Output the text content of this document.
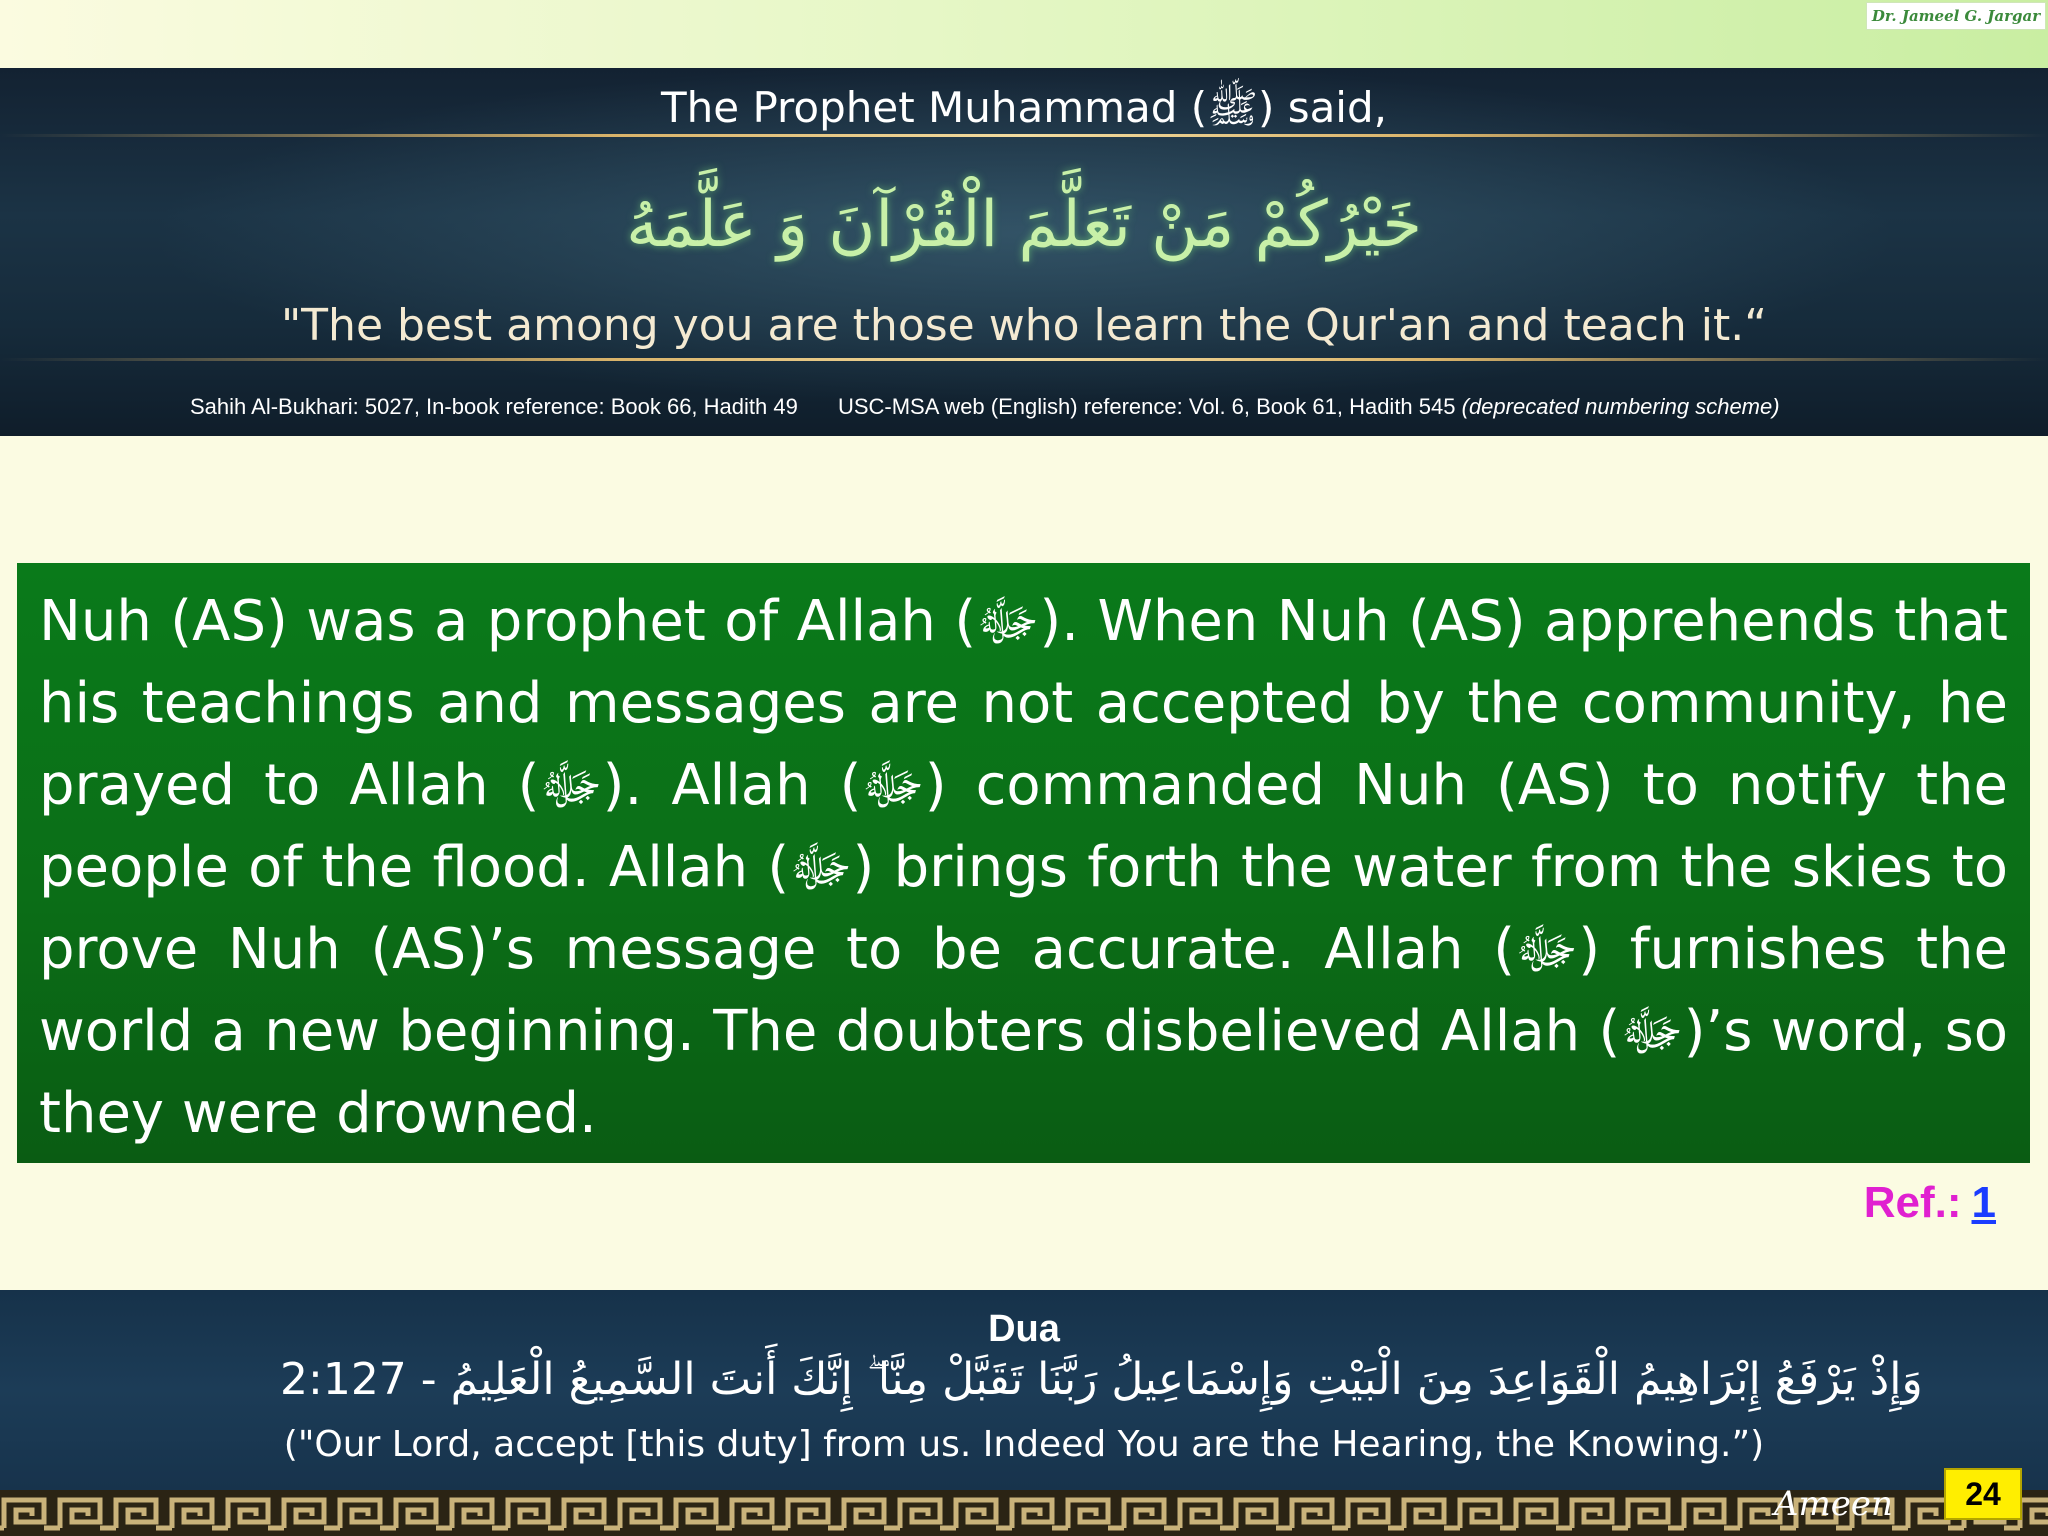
Dr. Jameel G. Jargar
The Prophet Muhammad (ﷺ) said,
خَيْرُكُمْ مَنْ تَعَلَّمَ الْقُرْآنَ وَ عَلَّمَهُ
"The best among you are those who learn the Qur'an and teach it.“
Sahih Al-Bukhari: 5027, In-book reference: Book 66, Hadith 49 USC-MSA web (English) reference: Vol. 6, Book 61, Hadith 545 (deprecated numbering scheme)

Nuh (AS) was a prophet of Allah (ﷻ). When Nuh (AS) apprehends that his teachings and messages are not accepted by the community, he prayed to Allah (ﷻ). Allah (ﷻ) commanded Nuh (AS) to notify the people of the flood. Allah (ﷻ) brings forth the water from the skies to prove Nuh (AS)’s message to be accurate. Allah (ﷻ) furnishes the world a new beginning. The doubters disbelieved Allah (ﷻ)’s word, so they were drowned.

Ref.: 1
Dua
وَإِذْ يَرْفَعُ إِبْرَاهِيمُ الْقَوَاعِدَ مِنَ الْبَيْتِ وَإِسْمَاعِيلُ رَبَّنَا تَقَبَّلْ مِنَّا ۖ إِنَّكَ أَنتَ السَّمِيعُ الْعَلِيمُ - 2:127
("Our Lord, accept [this duty] from us. Indeed You are the Hearing, the Knowing.”)
Ameen	24
